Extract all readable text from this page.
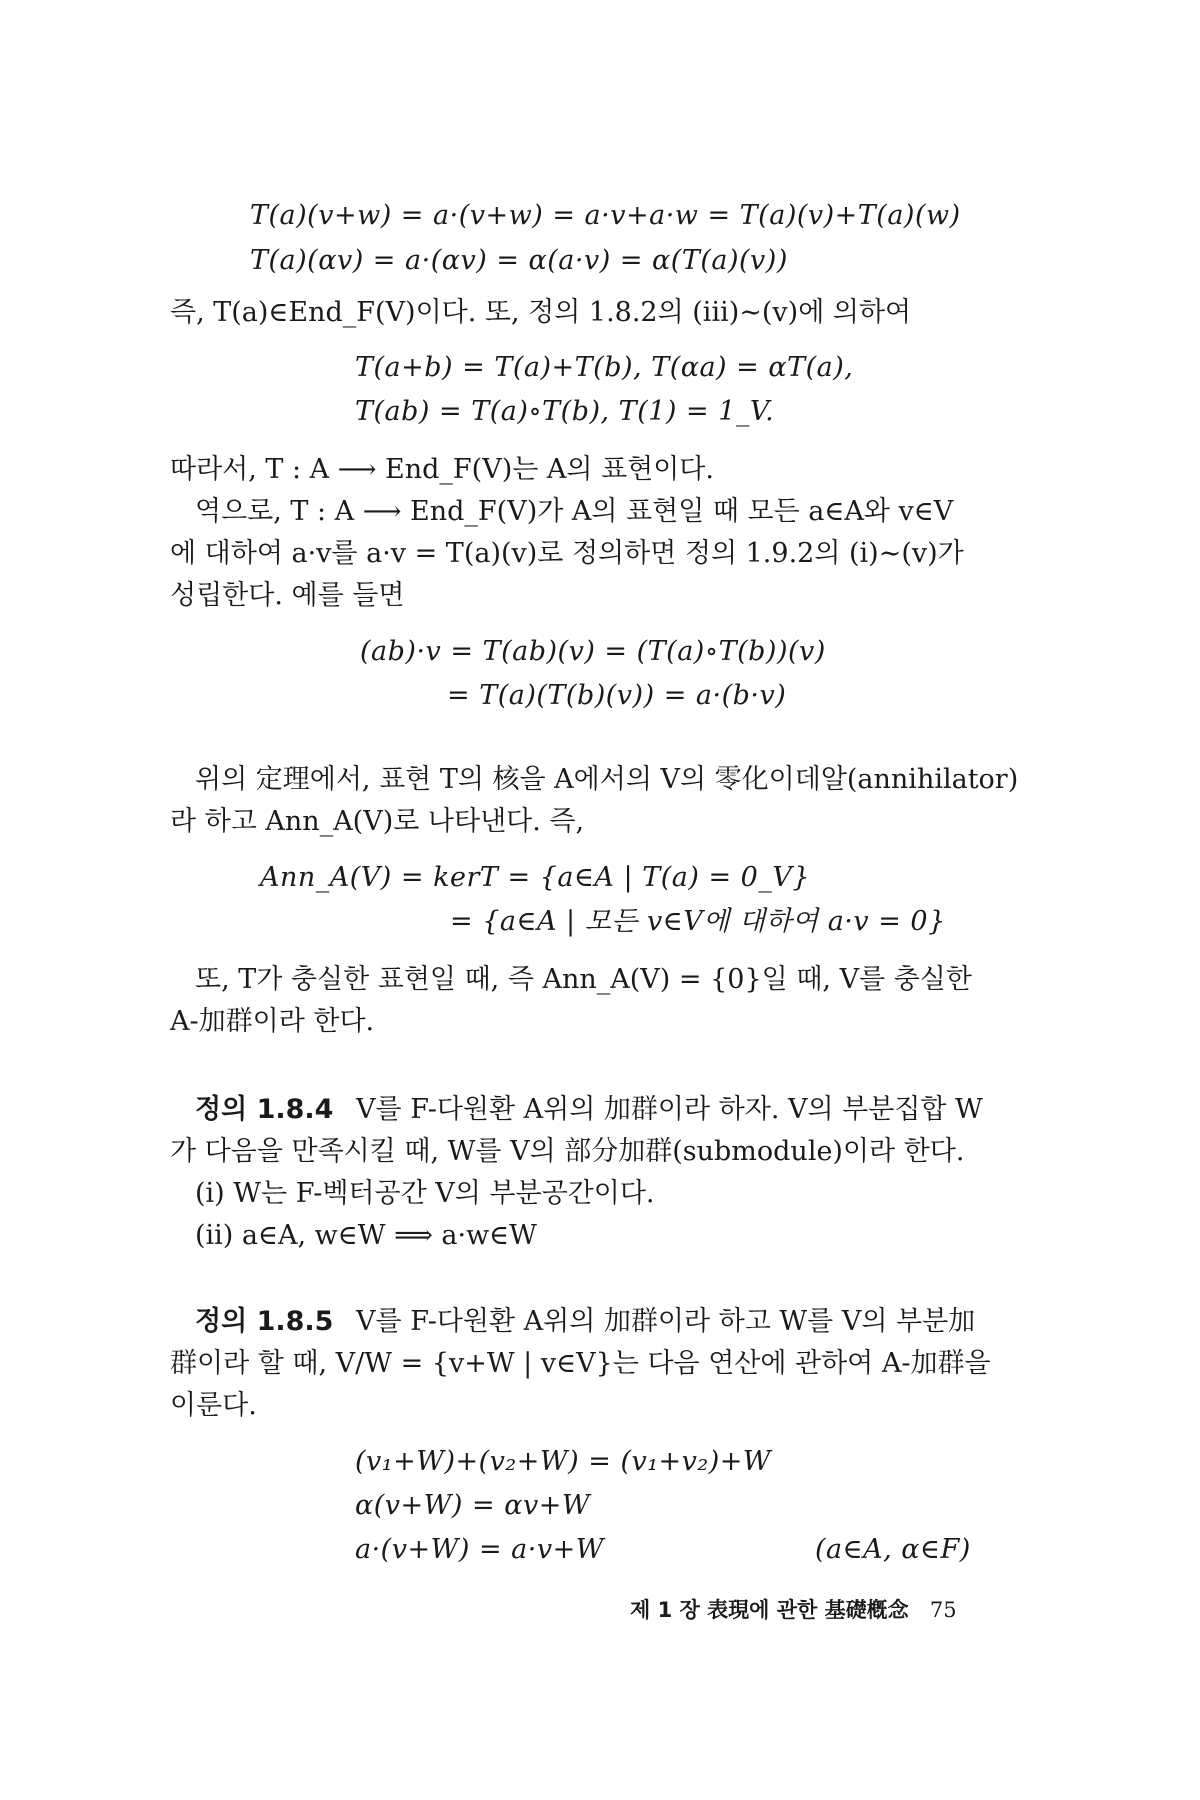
T(a)(v+w) = a·(v+w) = a·v+a·w = T(a)(v)+T(a)(w)

T(a)(αv) = a·(αv) = α(a·v) = α(T(a)(v))

즉, T(a)∈End_F(V)이다. 또, 정의 1.8.2의 (iii)∼(v)에 의하여

T(a+b) = T(a)+T(b), T(αa) = αT(a),

T(ab) = T(a)∘T(b), T(1) = 1_V.

따라서, T : A ⟶ End_F(V)는 A의 표현이다.

역으로, T : A ⟶ End_F(V)가 A의 표현일 때 모든 a∈A와 v∈V

에 대하여 a·v를 a·v = T(a)(v)로 정의하면 정의 1.9.2의 (i)∼(v)가

성립한다. 예를 들면

(ab)·v = T(ab)(v) = (T(a)∘T(b))(v)

= T(a)(T(b)(v)) = a·(b·v)

위의 定理에서, 표현 T의 核을 A에서의 V의 零化이데알(annihilator)

라 하고 Ann_A(V)로 나타낸다. 즉,

Ann_A(V) = kerT = {a∈A | T(a) = 0_V}

= {a∈A | 모든 v∈V에 대하여 a·v = 0}

또, T가 충실한 표현일 때, 즉 Ann_A(V) = {0}일 때, V를 충실한

A-加群이라 한다.

정의 1.8.4 V를 F-다원환 A위의 加群이라 하자. V의 부분집합 W

가 다음을 만족시킬 때, W를 V의 部分加群(submodule)이라 한다.

(i) W는 F-벡터공간 V의 부분공간이다.

(ii) a∈A, w∈W ⟹ a·w∈W

정의 1.8.5 V를 F-다원환 A위의 加群이라 하고 W를 V의 부분加

群이라 할 때, V/W = {v+W | v∈V}는 다음 연산에 관하여 A-加群을

이룬다.

(v₁+W)+(v₂+W) = (v₁+v₂)+W

α(v+W) = αv+W

a·(v+W) = a·v+W	(a∈A, α∈F)

제 1 장 表現에 관한 基礎槪念 75
